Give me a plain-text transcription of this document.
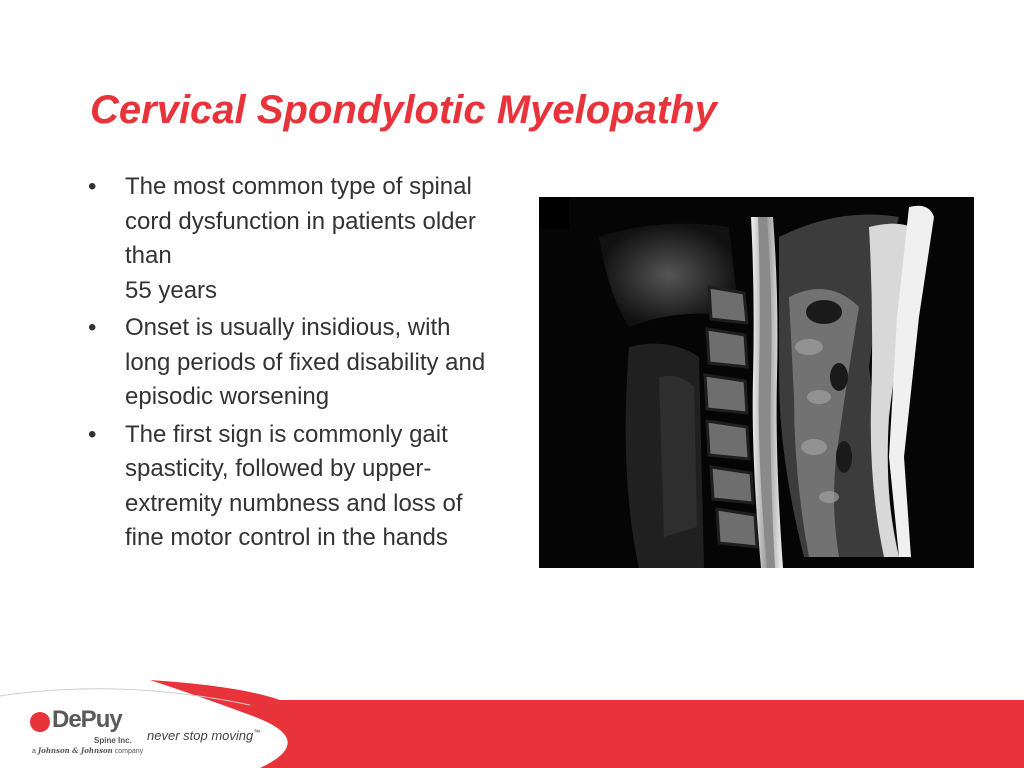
Cervical Spondylotic Myelopathy
• The most common type of spinal cord dysfunction in patients older than
55 years
• Onset is usually insidious, with long periods of fixed disability and episodic worsening
• The first sign is commonly gait spasticity, followed by upper-extremity numbness and loss of fine motor control in the hands
DePuy
Spine Inc.
a Johnson & Johnson company
never stop moving™
